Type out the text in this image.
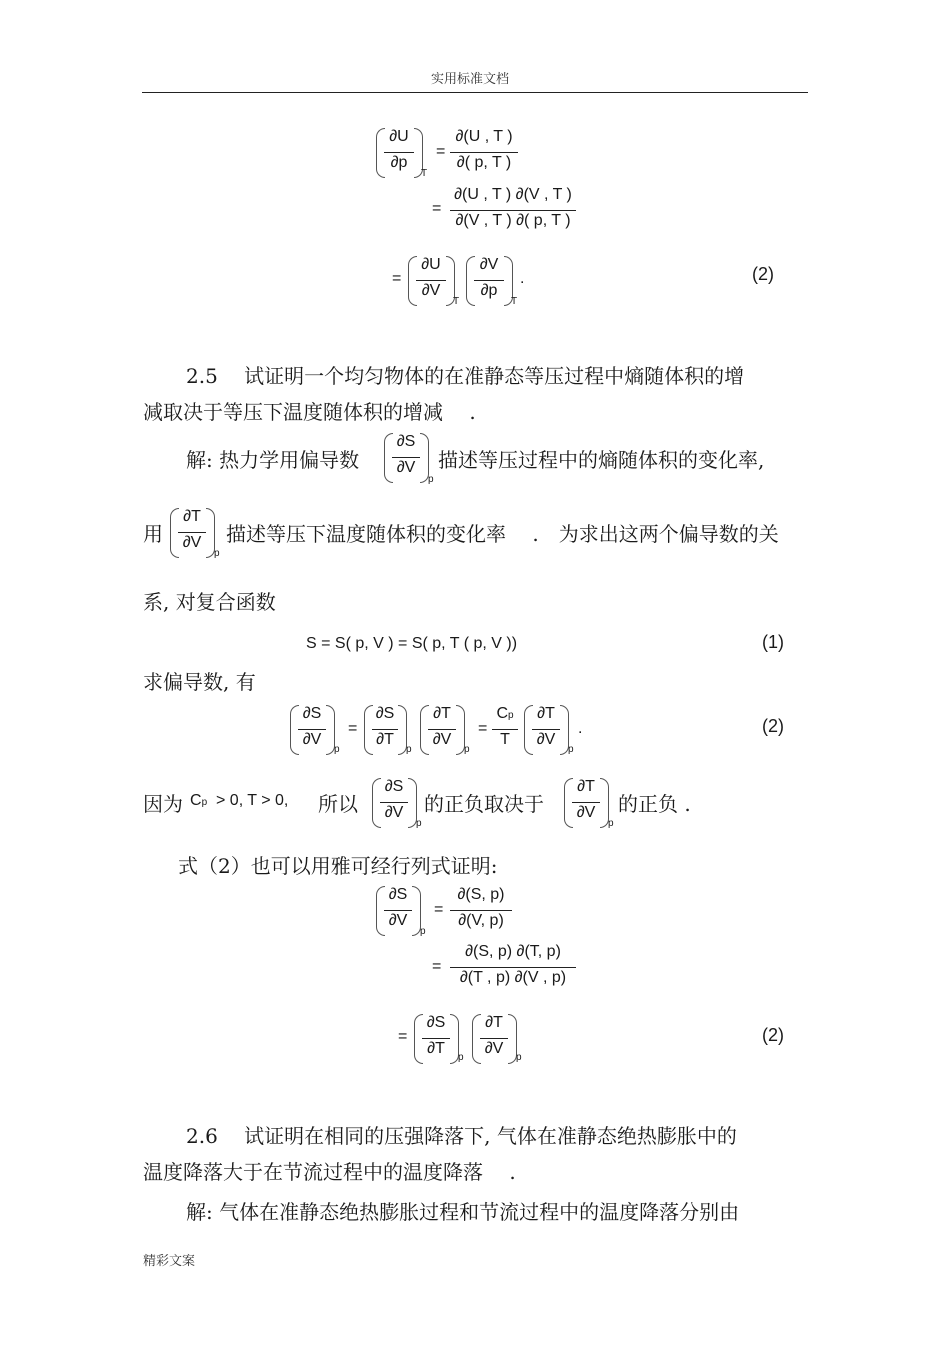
实用标准文档
∂U
∂p
T
=
∂(U , T )
∂( p, T )
=
∂(U , T ) ∂(V , T )
∂(V , T ) ∂( p, T )
=
∂U
∂V
T
∂V
∂p
T
.	(2)
2.5　 试证明一个均匀物体的在准静态等压过程中熵随体积的增
减取决于等压下温度随体积的增减　 .
解: 热力学用偏导数
∂S
∂V
p
描述等压过程中的熵随体积的变化率,
用
∂T
∂V
p
描述等压下温度随体积的变化率　 .　为求出这两个偏导数的关
系, 对复合函数
S = S( p, V ) = S( p, T ( p, V ))	(1)
求偏导数, 有
∂S
∂V
p
=
∂S
∂T
p
∂T
∂V
p
=
Cp
T
∂T
∂V
p
.	(2)
因为 Cp > 0, T > 0, 所以
∂S
∂V
p
的正负取决于
∂T
∂V
p
的正负 .
式（2）也可以用雅可经行列式证明:
∂S
∂V
p
=
∂(S, p)
∂(V, p)
=
∂(S, p) ∂(T, p)
∂(T , p) ∂(V , p)
=
∂S
∂T
p
∂T
∂V
p
(2)
2.6　 试证明在相同的压强降落下, 气体在准静态绝热膨胀中的
温度降落大于在节流过程中的温度降落　 .
解: 气体在准静态绝热膨胀过程和节流过程中的温度降落分别由
精彩文案
